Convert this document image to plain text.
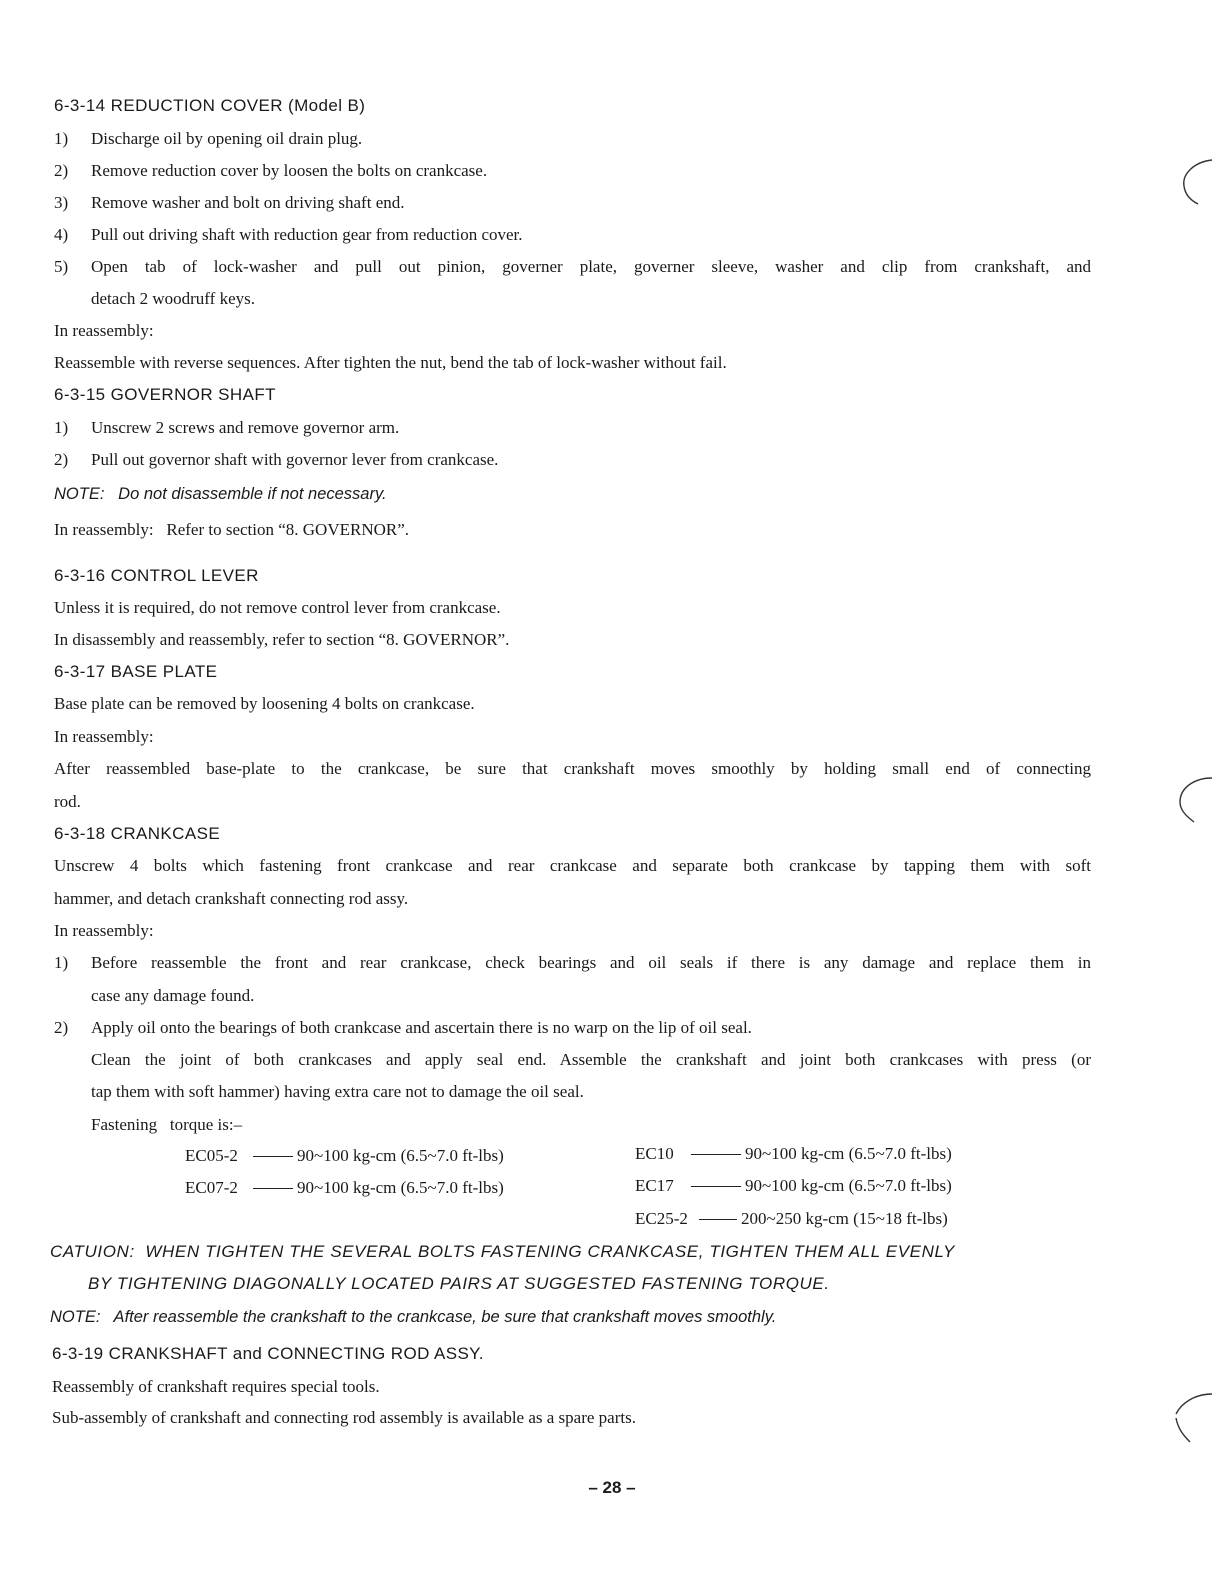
6-3-14 REDUCTION COVER (Model B)
1) Discharge oil by opening oil drain plug.
2) Remove reduction cover by loosen the bolts on crankcase.
3) Remove washer and bolt on driving shaft end.
4) Pull out driving shaft with reduction gear from reduction cover.
5)	Open tab of lock-washer and pull out pinion, governer plate, governer sleeve, washer and clip from crankshaft, and
detach 2 woodruff keys.
In reassembly:
Reassemble with reverse sequences. After tighten the nut, bend the tab of lock-washer without fail.
6-3-15 GOVERNOR SHAFT
1) Unscrew 2 screws and remove governor arm.
2) Pull out governor shaft with governor lever from crankcase.
NOTE:   Do not disassemble if not necessary.
In reassembly:   Refer to section “8. GOVERNOR”.
6-3-16 CONTROL LEVER
Unless it is required, do not remove control lever from crankcase.
In disassembly and reassembly, refer to section “8. GOVERNOR”.
6-3-17 BASE PLATE
Base plate can be removed by loosening 4 bolts on crankcase.
In reassembly:
After reassembled base-plate to the crankcase, be sure that crankshaft moves smoothly by holding small end of connecting
rod.
6-3-18 CRANKCASE
Unscrew 4 bolts which fastening front crankcase and rear crankcase and separate both crankcase by tapping them with soft
hammer, and detach crankshaft connecting rod assy.
In reassembly:
1)	Before reassemble the front and rear crankcase, check bearings and oil seals if there is any damage and replace them in
case any damage found.
2) Apply oil onto the bearings of both crankcase and ascertain there is no warp on the lip of oil seal.
Clean the joint of both crankcases and apply seal end. Assemble the crankshaft and joint both crankcases with press (or
tap them with soft hammer) having extra care not to damage the oil seal.
Fastening   torque is:–
EC05-2	90~100 kg-cm (6.5~7.0 ft-lbs)
EC07-2	90~100 kg-cm (6.5~7.0 ft-lbs)
EC10	90~100 kg-cm (6.5~7.0 ft-lbs)
EC17	90~100 kg-cm (6.5~7.0 ft-lbs)
EC25-2	200~250 kg-cm (15~18 ft-lbs)
CATUION:  WHEN TIGHTEN THE SEVERAL BOLTS FASTENING CRANKCASE, TIGHTEN THEM ALL EVENLY
BY TIGHTENING DIAGONALLY LOCATED PAIRS AT SUGGESTED FASTENING TORQUE.
NOTE:   After reassemble the crankshaft to the crankcase, be sure that crankshaft moves smoothly.
6-3-19 CRANKSHAFT and CONNECTING ROD ASSY.
Reassembly of crankshaft requires special tools.
Sub-assembly of crankshaft and connecting rod assembly is available as a spare parts.
– 28 –
